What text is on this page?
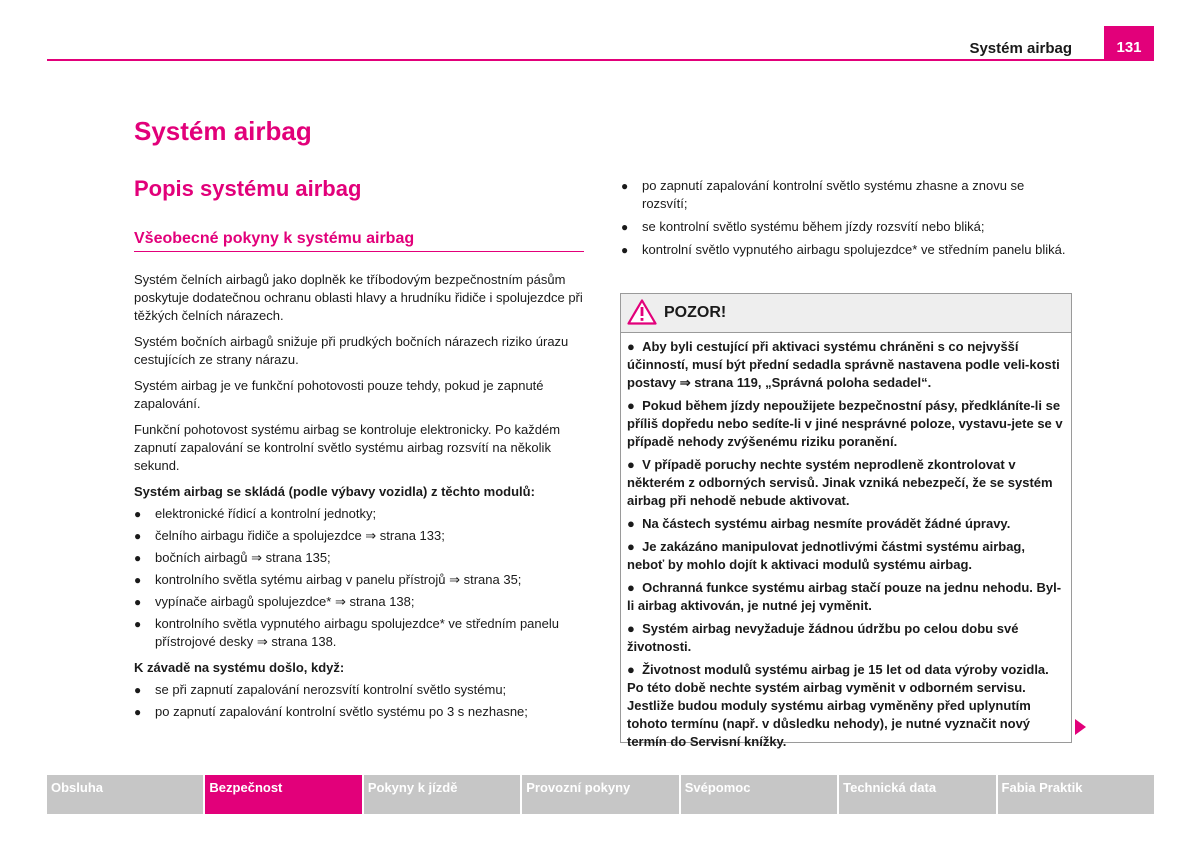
Systém airbag	131
Systém airbag
Popis systému airbag
Všeobecné pokyny k systému airbag

Systém čelních airbagů jako doplněk ke tříbodovým bezpečnostním pásům poskytuje dodatečnou ochranu oblasti hlavy a hrudníku řidiče i spolujezdce při těžkých čelních nárazech.

Systém bočních airbagů snižuje při prudkých bočních nárazech riziko úrazu cestujících ze strany nárazu.

Systém airbag je ve funkční pohotovosti pouze tehdy, pokud je zapnuté zapalování.

Funkční pohotovost systému airbag se kontroluje elektronicky. Po každém zapnutí zapalování se kontrolní světlo systému airbag rozsvítí na několik sekund.

Systém airbag se skládá (podle výbavy vozidla) z těchto modulů:

● elektronické řídicí a kontrolní jednotky;
● čelního airbagu řidiče a spolujezdce ⇒ strana 133;
● bočních airbagů ⇒ strana 135;
● kontrolního světla sytému airbag v panelu přístrojů ⇒ strana 35;
● vypínače airbagů spolujezdce* ⇒ strana 138;
● kontrolního světla vypnutého airbagu spolujezdce* ve středním panelu přístrojové desky ⇒ strana 138.

K závadě na systému došlo, když:

● se při zapnutí zapalování nerozsvítí kontrolní světlo systému;
● po zapnutí zapalování kontrolní světlo systému po 3 s nezhasne;
● po zapnutí zapalování kontrolní světlo systému zhasne a znovu se rozsvítí;
● se kontrolní světlo systému během jízdy rozsvítí nebo bliká;
● kontrolní světlo vypnutého airbagu spolujezdce* ve středním panelu bliká.
POZOR!
●  Aby byli cestující při aktivaci systému chráněni s co nejvyšší účinností, musí být přední sedadla správně nastavena podle veli-kosti postavy ⇒ strana 119, „Správná poloha sedadel“.
●  Pokud během jízdy nepoužijete bezpečnostní pásy, předkláníte-li se příliš dopředu nebo sedíte-li v jiné nesprávné poloze, vystavu-jete se v případě nehody zvýšenému riziku poranění.
●  V případě poruchy nechte systém neprodleně zkontrolovat v některém z odborných servisů. Jinak vzniká nebezpečí, že se systém airbag při nehodě nebude aktivovat.
●  Na částech systému airbag nesmíte provádět žádné úpravy.
●  Je zakázáno manipulovat jednotlivými částmi systému airbag, neboť by mohlo dojít k aktivaci modulů systému airbag.
●  Ochranná funkce systému airbag stačí pouze na jednu nehodu. Byl-li airbag aktivován, je nutné jej vyměnit.
●  Systém airbag nevyžaduje žádnou údržbu po celou dobu své životnosti.
●  Životnost modulů systému airbag je 15 let od data výroby vozidla. Po této době nechte systém airbag vyměnit v odborném servisu. Jestliže budou moduly systému airbag vyměněny před uplynutím tohoto termínu (např. v důsledku nehody), je nutné vyznačit nový termín do Servisní knížky.
Obsluha	Bezpečnost	Pokyny k jízdě	Provozní pokyny	Svépomoc	Technická data	Fabia Praktik
